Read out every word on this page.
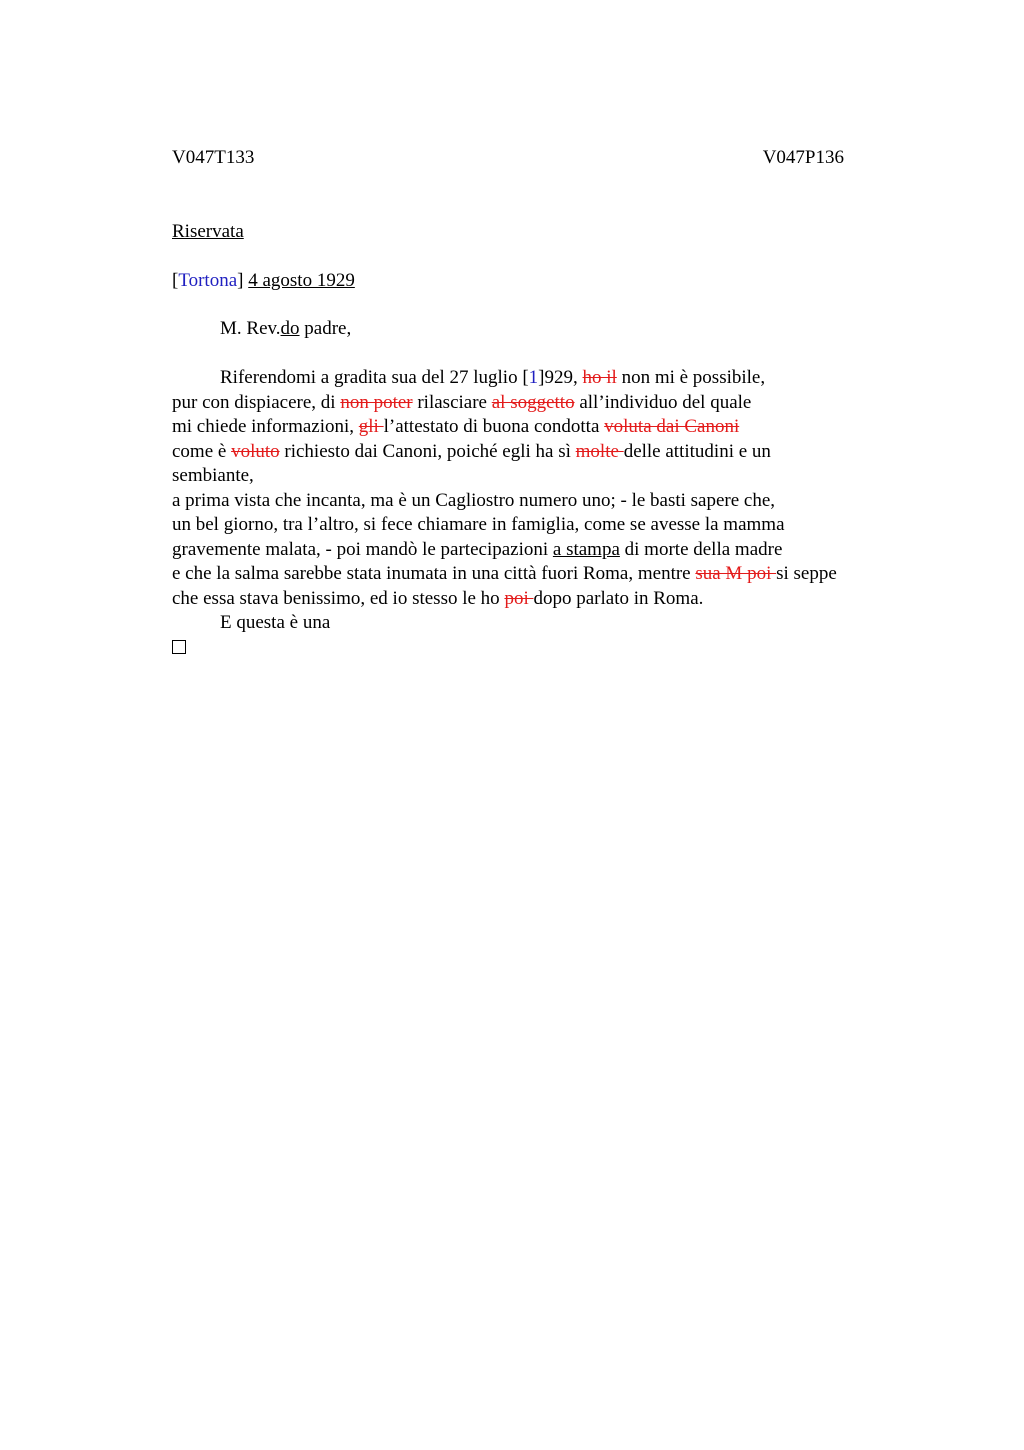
V047T133	V047P136

Riservata

[Tortona] 4 agosto 1929

M. Rev.do padre,

Riferendomi a gradita sua del 27 luglio [1]929, ho il non mi è possibile,
pur con dispiacere, di non poter rilasciare al soggetto all’individuo del quale
mi chiede informazioni, gli l’attestato di buona condotta voluta dai Canoni
come è voluto richiesto dai Canoni, poiché egli ha sì molte delle attitudini e un
sembiante,
a prima vista che incanta, ma è un Cagliostro numero uno; - le basti sapere che,
un bel giorno, tra l’altro, si fece chiamare in famiglia, come se avesse la mamma
gravemente malata, - poi mandò le partecipazioni a stampa di morte della madre
e che la salma sarebbe stata inumata in una città fuori Roma, mentre sua M poi si seppe
che essa stava benissimo, ed io stesso le ho poi dopo parlato in Roma.
E questa è una
